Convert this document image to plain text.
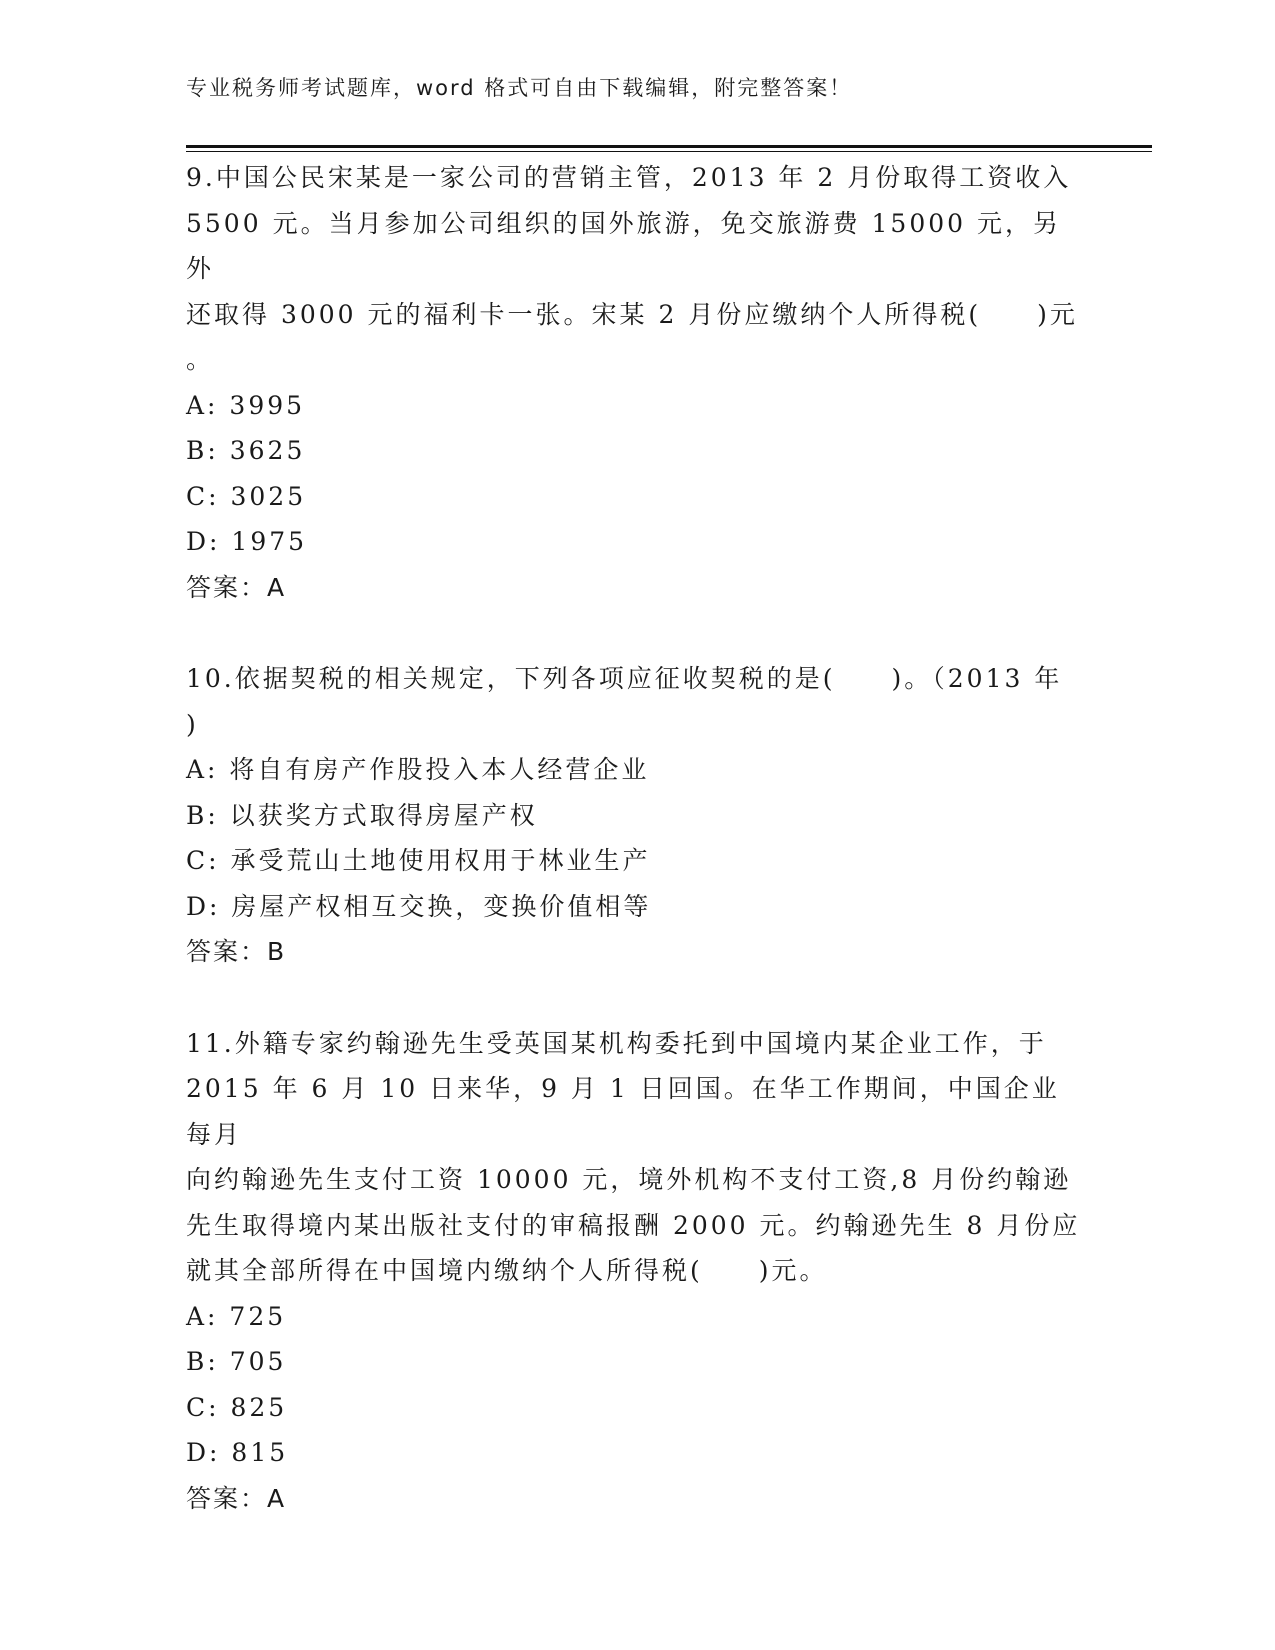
专业税务师考试题库，word 格式可自由下载编辑，附完整答案！
9.中国公民宋某是一家公司的营销主管，2013 年 2 月份取得工资收入
5500 元。当月参加公司组织的国外旅游，免交旅游费 15000 元，另外
还取得 3000 元的福利卡一张。宋某 2 月份应缴纳个人所得税(　　)元
。
A: 3995
B: 3625
C: 3025
D: 1975
答案：A
10.依据契税的相关规定，下列各项应征收契税的是(　　)。（2013 年
)
A: 将自有房产作股投入本人经营企业
B: 以获奖方式取得房屋产权
C: 承受荒山土地使用权用于林业生产
D: 房屋产权相互交换，变换价值相等
答案：B
11.外籍专家约翰逊先生受英国某机构委托到中国境内某企业工作，于
2015 年 6 月 10 日来华，9 月 1 日回国。在华工作期间，中国企业每月
向约翰逊先生支付工资 10000 元，境外机构不支付工资,8 月份约翰逊
先生取得境内某出版社支付的审稿报酬 2000 元。约翰逊先生 8 月份应
就其全部所得在中国境内缴纳个人所得税(　　)元。
A: 725
B: 705
C: 825
D: 815
答案：A
